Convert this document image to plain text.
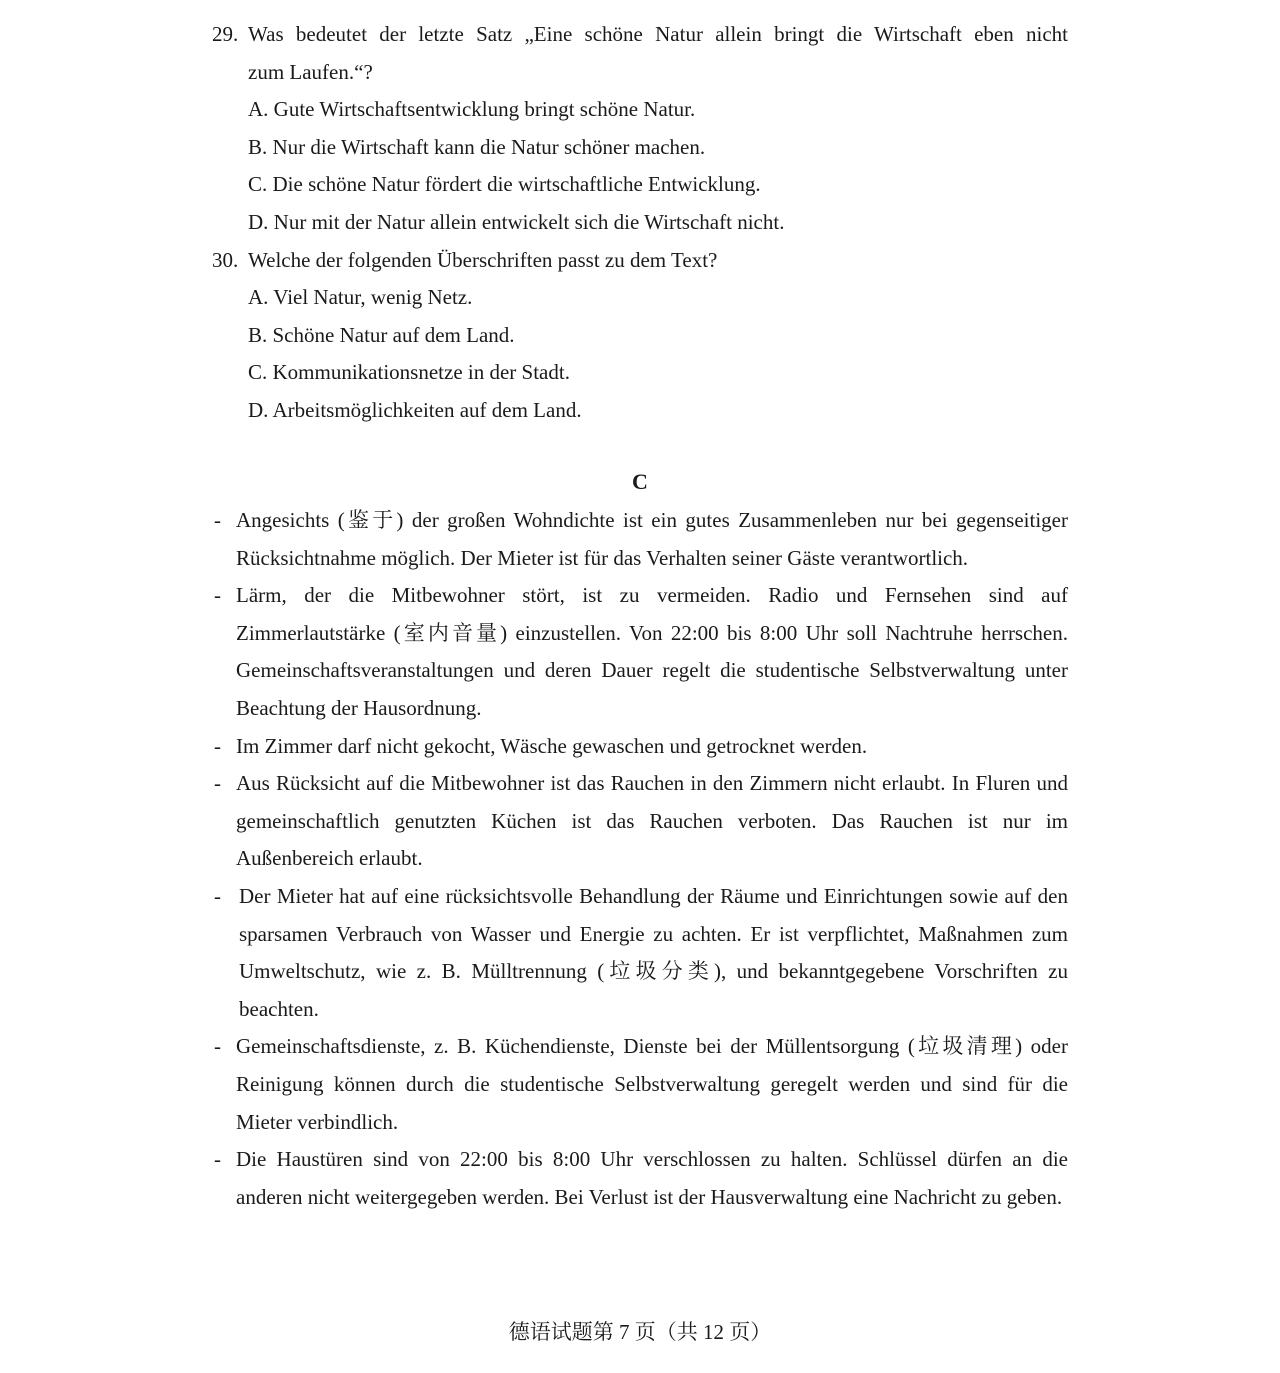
29. Was bedeutet der letzte Satz „Eine schöne Natur allein bringt die Wirtschaft eben nicht
zum Laufen.“?
A. Gute Wirtschaftsentwicklung bringt schöne Natur.
B. Nur die Wirtschaft kann die Natur schöner machen.
C. Die schöne Natur fördert die wirtschaftliche Entwicklung.
D. Nur mit der Natur allein entwickelt sich die Wirtschaft nicht.
30. Welche der folgenden Überschriften passt zu dem Text?
A. Viel Natur, wenig Netz.
B. Schöne Natur auf dem Land.
C. Kommunikationsnetze in der Stadt.
D. Arbeitsmöglichkeiten auf dem Land.
C
- Angesichts (鉴于) der großen Wohndichte ist ein gutes Zusammenleben nur bei gegenseitiger Rücksichtnahme möglich. Der Mieter ist für das Verhalten seiner Gäste verantwortlich.
- Lärm, der die Mitbewohner stört, ist zu vermeiden. Radio und Fernsehen sind auf Zimmerlautstärke (室内音量) einzustellen. Von 22:00 bis 8:00 Uhr soll Nachtruhe herrschen. Gemeinschaftsveranstaltungen und deren Dauer regelt die studentische Selbstverwaltung unter Beachtung der Hausordnung.
- Im Zimmer darf nicht gekocht, Wäsche gewaschen und getrocknet werden.
- Aus Rücksicht auf die Mitbewohner ist das Rauchen in den Zimmern nicht erlaubt. In Fluren und gemeinschaftlich genutzten Küchen ist das Rauchen verboten. Das Rauchen ist nur im Außenbereich erlaubt.
- Der Mieter hat auf eine rücksichtsvolle Behandlung der Räume und Einrichtungen sowie auf den sparsamen Verbrauch von Wasser und Energie zu achten. Er ist verpflichtet, Maßnahmen zum Umweltschutz, wie z. B. Mülltrennung (垃圾分类), und bekanntgegebene Vorschriften zu beachten.
- Gemeinschaftsdienste, z. B. Küchendienste, Dienste bei der Müllentsorgung (垃圾清理) oder Reinigung können durch die studentische Selbstverwaltung geregelt werden und sind für die Mieter verbindlich.
- Die Haustüren sind von 22:00 bis 8:00 Uhr verschlossen zu halten. Schlüssel dürfen an die anderen nicht weitergegeben werden. Bei Verlust ist der Hausverwaltung eine Nachricht zu geben.
德语试题第 7 页（共 12 页）
